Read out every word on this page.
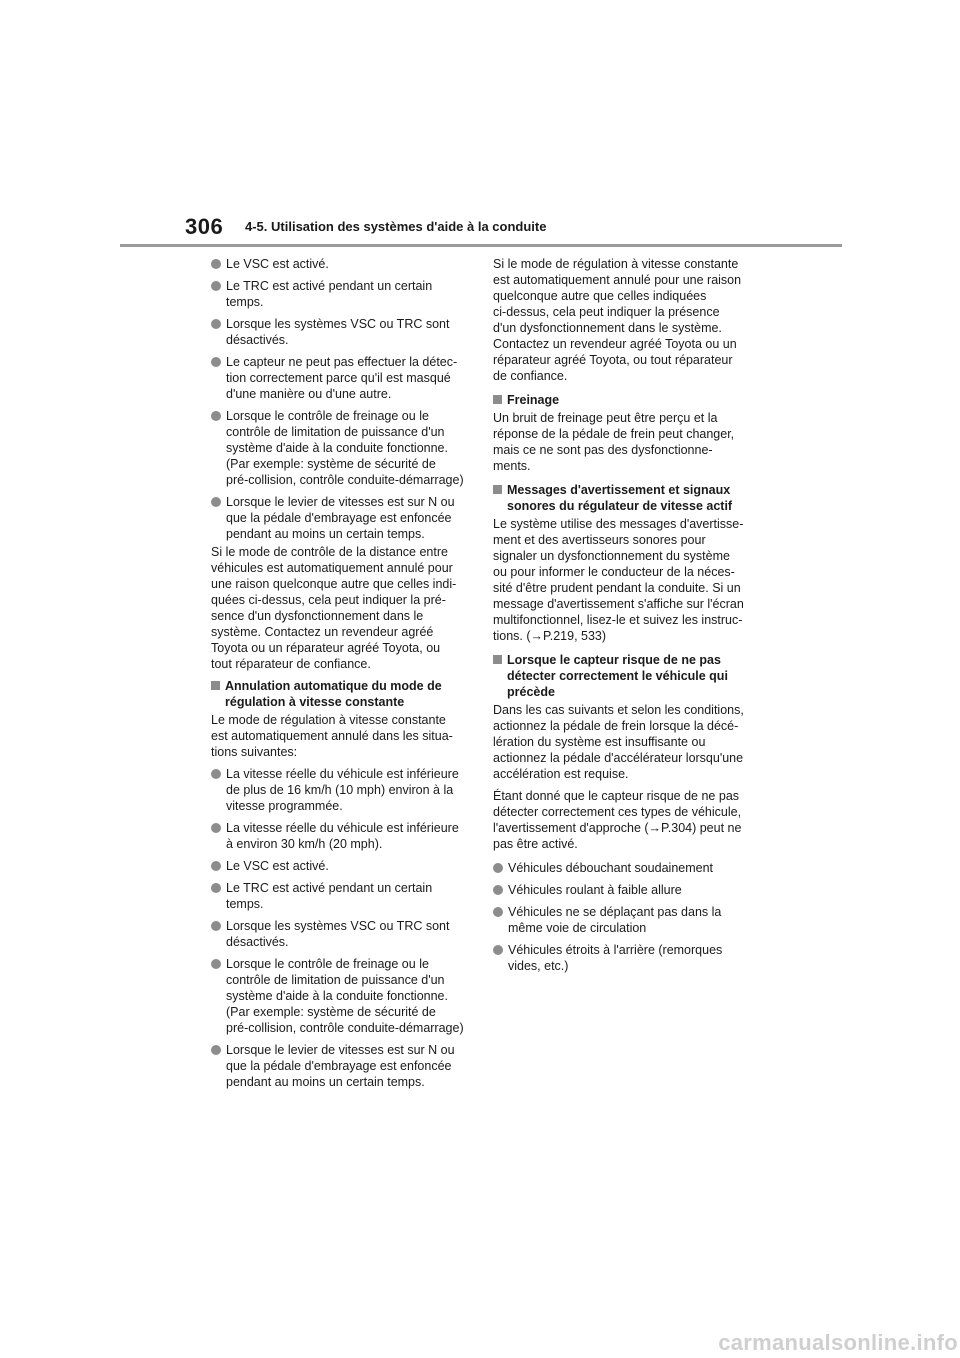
306 4-5. Utilisation des systèmes d'aide à la conduite
Le VSC est activé.
Le TRC est activé pendant un certain
temps.
Lorsque les systèmes VSC ou TRC sont
désactivés.
Le capteur ne peut pas effectuer la détec-
tion correctement parce qu'il est masqué
d'une manière ou d'une autre.
Lorsque le contrôle de freinage ou le
contrôle de limitation de puissance d'un
système d'aide à la conduite fonctionne.
(Par exemple: système de sécurité de
pré-collision, contrôle conduite-démarrage)
Lorsque le levier de vitesses est sur N ou
que la pédale d'embrayage est enfoncée
pendant au moins un certain temps.
Si le mode de contrôle de la distance entre
véhicules est automatiquement annulé pour
une raison quelconque autre que celles indi-
quées ci-dessus, cela peut indiquer la pré-
sence d'un dysfonctionnement dans le
système. Contactez un revendeur agréé
Toyota ou un réparateur agréé Toyota, ou
tout réparateur de confiance.
Annulation automatique du mode de
régulation à vitesse constante
Le mode de régulation à vitesse constante
est automatiquement annulé dans les situa-
tions suivantes:
La vitesse réelle du véhicule est inférieure
de plus de 16 km/h (10 mph) environ à la
vitesse programmée.
La vitesse réelle du véhicule est inférieure
à environ 30 km/h (20 mph).
Le VSC est activé.
Le TRC est activé pendant un certain
temps.
Lorsque les systèmes VSC ou TRC sont
désactivés.
Lorsque le contrôle de freinage ou le
contrôle de limitation de puissance d'un
système d'aide à la conduite fonctionne.
(Par exemple: système de sécurité de
pré-collision, contrôle conduite-démarrage)
Lorsque le levier de vitesses est sur N ou
que la pédale d'embrayage est enfoncée
pendant au moins un certain temps.
Si le mode de régulation à vitesse constante
est automatiquement annulé pour une raison
quelconque autre que celles indiquées
ci-dessus, cela peut indiquer la présence
d'un dysfonctionnement dans le système.
Contactez un revendeur agréé Toyota ou un
réparateur agréé Toyota, ou tout réparateur
de confiance.
Freinage
Un bruit de freinage peut être perçu et la
réponse de la pédale de frein peut changer,
mais ce ne sont pas des dysfonctionne-
ments.
Messages d'avertissement et signaux
sonores du régulateur de vitesse actif
Le système utilise des messages d'avertisse-
ment et des avertisseurs sonores pour
signaler un dysfonctionnement du système
ou pour informer le conducteur de la néces-
sité d'être prudent pendant la conduite. Si un
message d'avertissement s'affiche sur l'écran
multifonctionnel, lisez-le et suivez les instruc-
tions. (→P.219, 533)
Lorsque le capteur risque de ne pas
détecter correctement le véhicule qui
précède
Dans les cas suivants et selon les conditions,
actionnez la pédale de frein lorsque la décé-
lération du système est insuffisante ou
actionnez la pédale d'accélérateur lorsqu'une
accélération est requise.
Étant donné que le capteur risque de ne pas
détecter correctement ces types de véhicule,
l'avertissement d'approche (→P.304) peut ne
pas être activé.
Véhicules débouchant soudainement
Véhicules roulant à faible allure
Véhicules ne se déplaçant pas dans la
même voie de circulation
Véhicules étroits à l'arrière (remorques
vides, etc.)
carmanualsonline.info
